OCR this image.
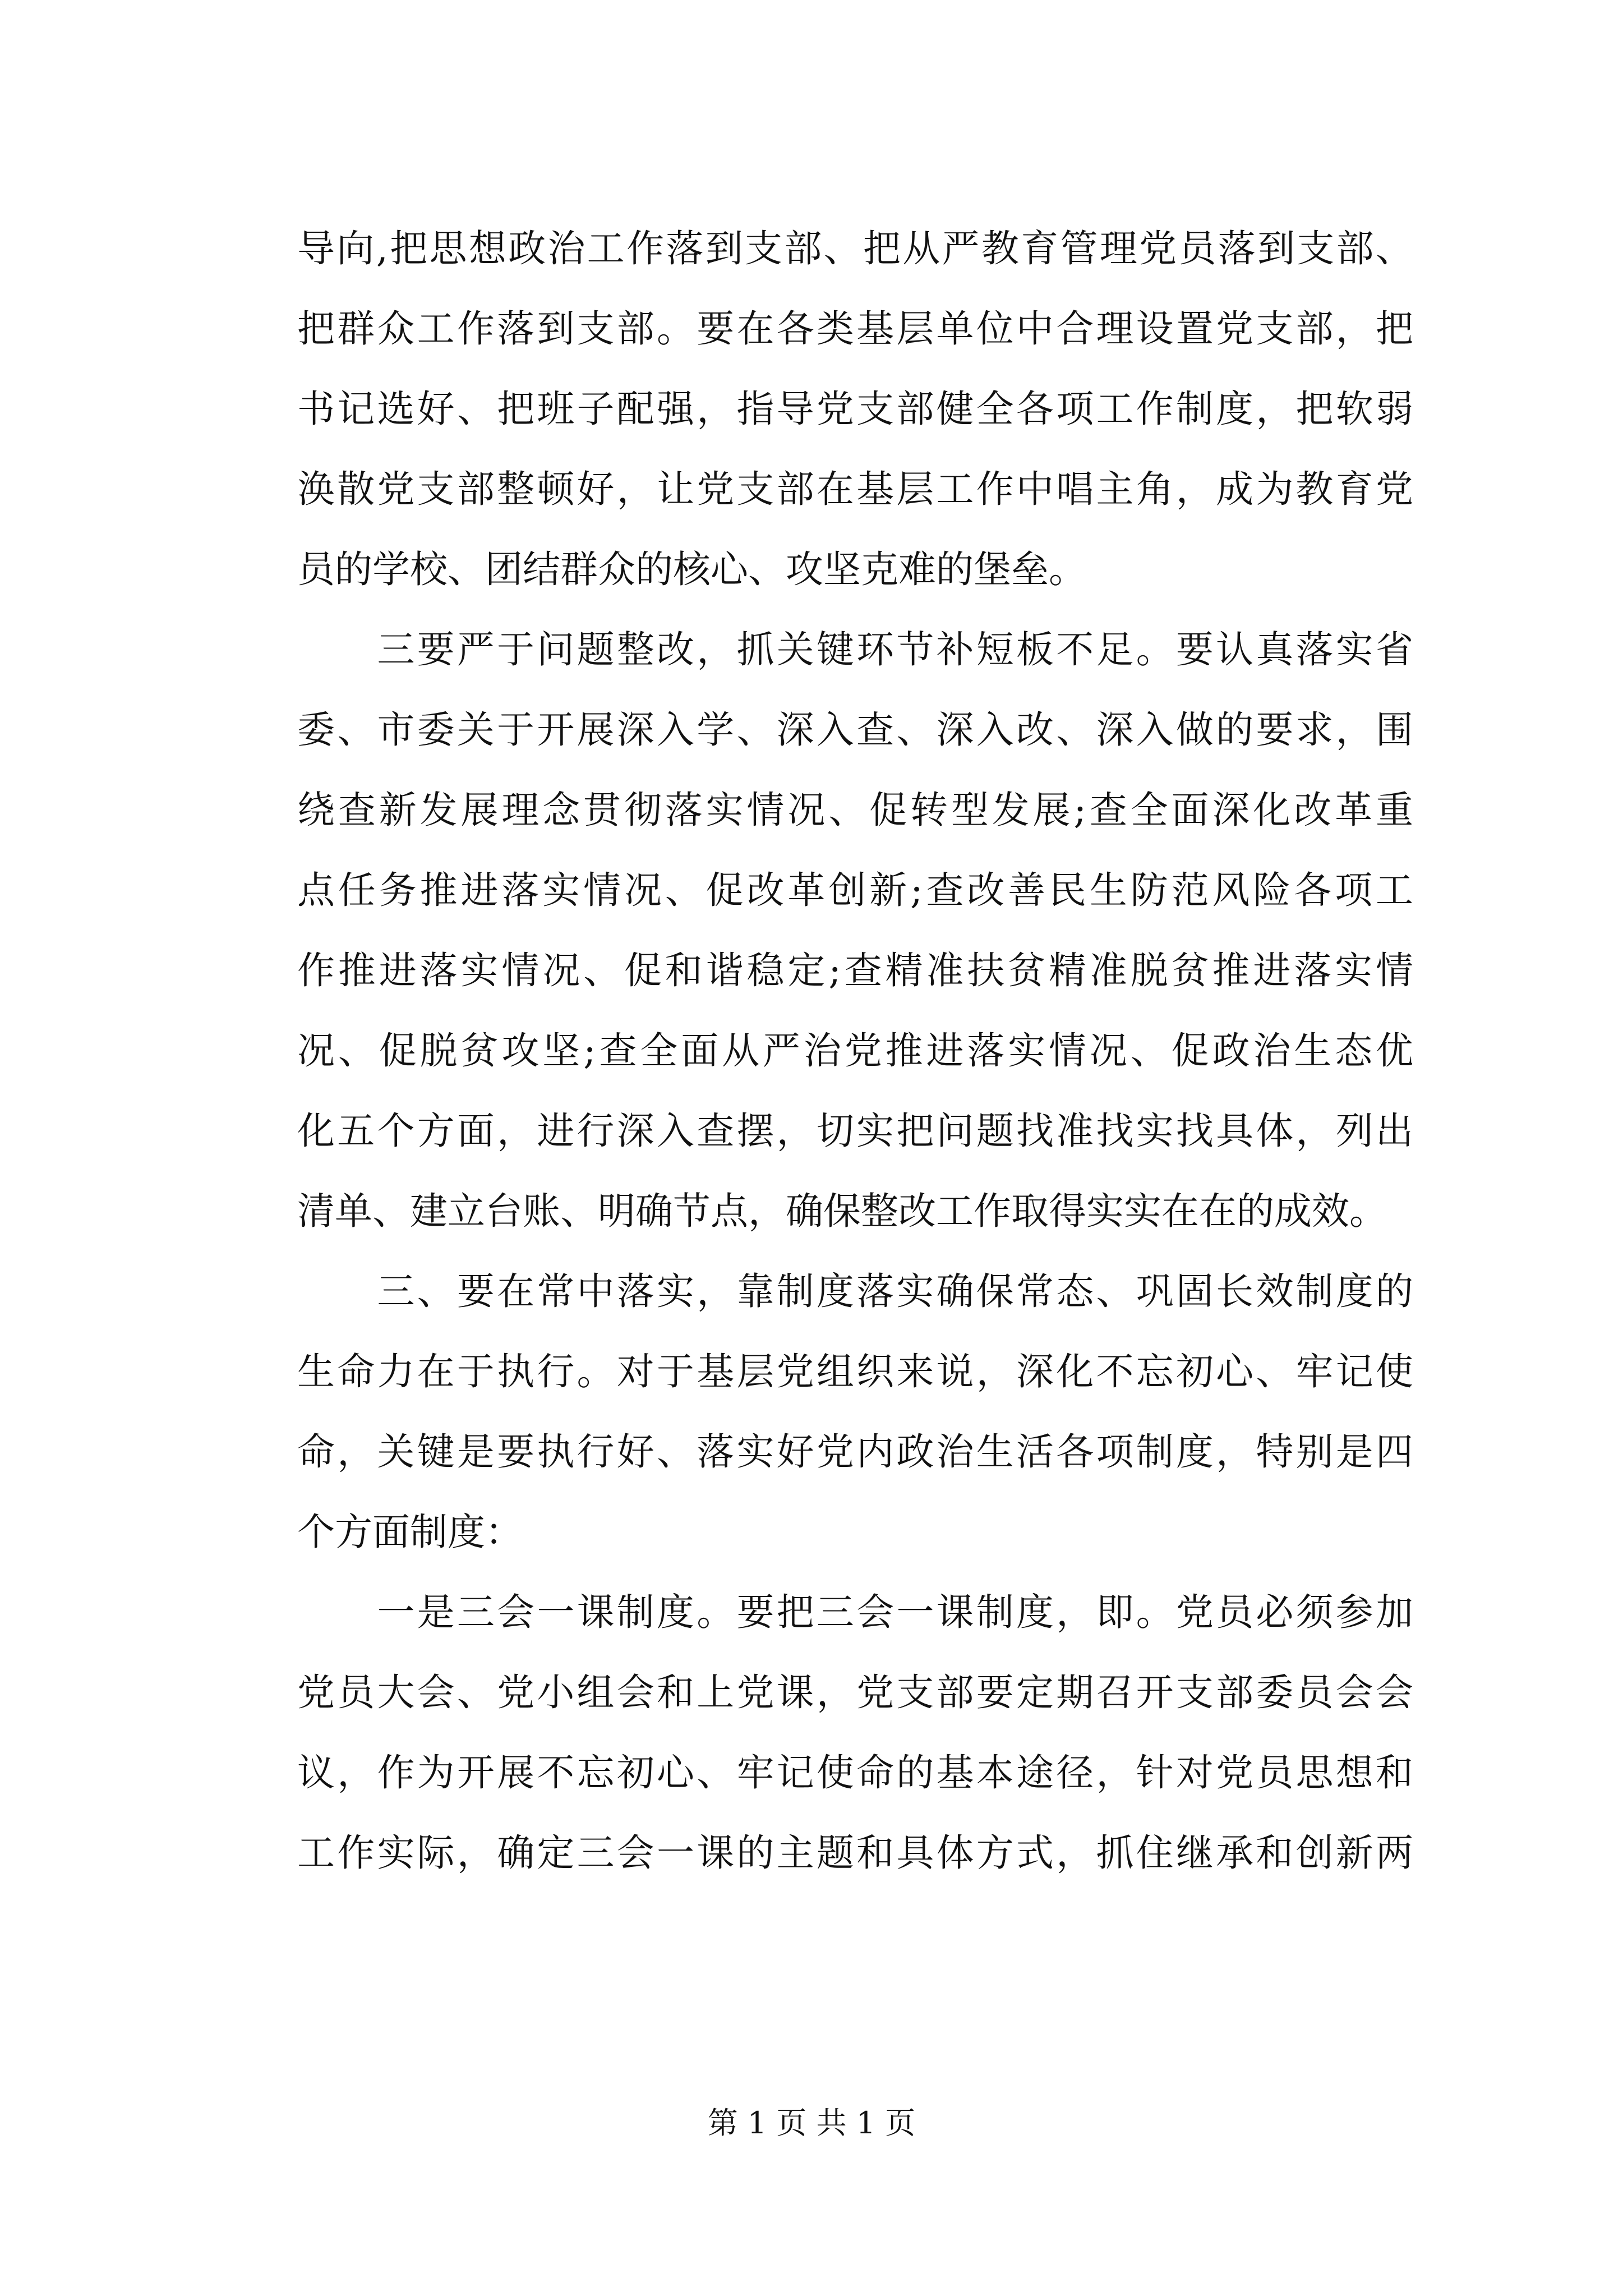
导向,把思想政治工作落到支部、把从严教育管理党员落到支部、
把群众工作落到支部。要在各类基层单位中合理设置党支部，把
书记选好、把班子配强，指导党支部健全各项工作制度，把软弱
涣散党支部整顿好，让党支部在基层工作中唱主角，成为教育党
员的学校、团结群众的核心、攻坚克难的堡垒。
　　三要严于问题整改，抓关键环节补短板不足。要认真落实省
委、市委关于开展深入学、深入查、深入改、深入做的要求，围
绕查新发展理念贯彻落实情况、促转型发展;查全面深化改革重
点任务推进落实情况、促改革创新;查改善民生防范风险各项工
作推进落实情况、促和谐稳定;查精准扶贫精准脱贫推进落实情
况、促脱贫攻坚;查全面从严治党推进落实情况、促政治生态优
化五个方面，进行深入查摆，切实把问题找准找实找具体，列出
清单、建立台账、明确节点，确保整改工作取得实实在在的成效。
　　三、要在常中落实，靠制度落实确保常态、巩固长效制度的
生命力在于执行。对于基层党组织来说，深化不忘初心、牢记使
命，关键是要执行好、落实好党内政治生活各项制度，特别是四
个方面制度：
　　一是三会一课制度。要把三会一课制度，即。党员必须参加
党员大会、党小组会和上党课，党支部要定期召开支部委员会会
议，作为开展不忘初心、牢记使命的基本途径，针对党员思想和
工作实际，确定三会一课的主题和具体方式，抓住继承和创新两
第 1 页 共 1 页
